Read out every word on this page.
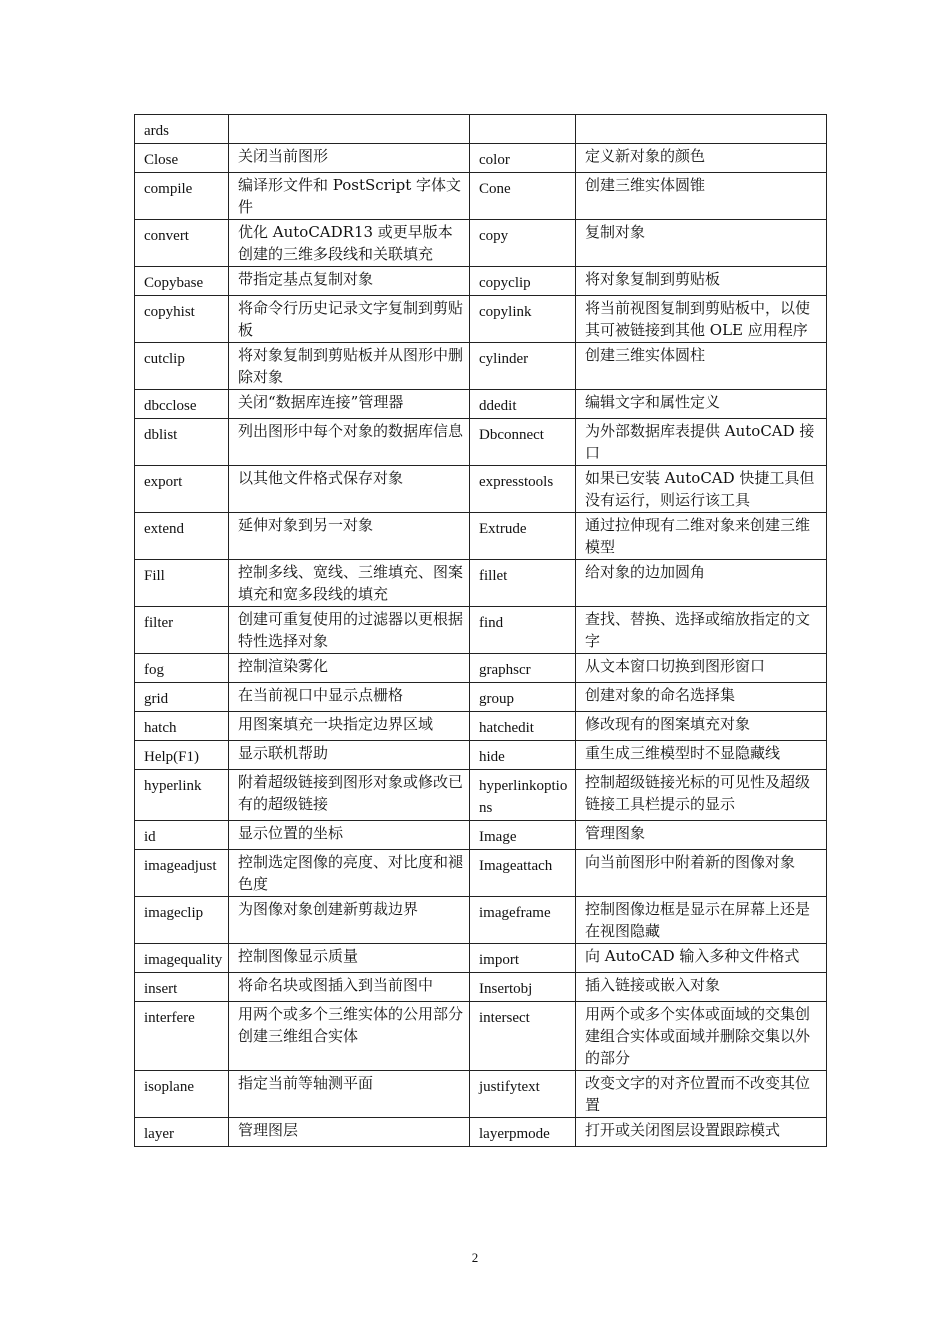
ards			
Close	关闭当前图形	color	定义新对象的颜色
compile	编译形文件和 PostScript 字体文件	Cone	创建三维实体圆锥
convert	优化 AutoCADR13 或更早版本创建的三维多段线和关联填充	copy	复制对象
Copybase	带指定基点复制对象	copyclip	将对象复制到剪贴板
copyhist	将命令行历史记录文字复制到剪贴板	copylink	将当前视图复制到剪贴板中，以使其可被链接到其他 OLE 应用程序
cutclip	将对象复制到剪贴板并从图形中删除对象	cylinder	创建三维实体圆柱
dbcclose	关闭“数据库连接”管理器	ddedit	编辑文字和属性定义
dblist	列出图形中每个对象的数据库信息	Dbconnect	为外部数据库表提供 AutoCAD 接口
export	以其他文件格式保存对象	expresstools	如果已安装 AutoCAD 快捷工具但没有运行，则运行该工具
extend	延伸对象到另一对象	Extrude	通过拉伸现有二维对象来创建三维模型
Fill	控制多线、宽线、三维填充、图案填充和宽多段线的填充	fillet	给对象的边加圆角
filter	创建可重复使用的过滤器以更根据特性选择对象	find	查找、替换、选择或缩放指定的文字
fog	控制渲染雾化	graphscr	从文本窗口切换到图形窗口
grid	在当前视口中显示点栅格	group	创建对象的命名选择集
hatch	用图案填充一块指定边界区域	hatchedit	修改现有的图案填充对象
Help(F1)	显示联机帮助	hide	重生成三维模型时不显隐藏线
hyperlink	附着超级链接到图形对象或修改已有的超级链接	hyperlinkoptions	控制超级链接光标的可见性及超级链接工具栏提示的显示
id	显示位置的坐标	Image	管理图象
imageadjust	控制选定图像的亮度、对比度和褪色度	Imageattach	向当前图形中附着新的图像对象
imageclip	为图像对象创建新剪裁边界	imageframe	控制图像边框是显示在屏幕上还是在视图隐藏
imagequality	控制图像显示质量	import	向 AutoCAD 输入多种文件格式
insert	将命名块或图插入到当前图中	Insertobj	插入链接或嵌入对象
interfere	用两个或多个三维实体的公用部分创建三维组合实体	intersect	用两个或多个实体或面域的交集创建组合实体或面域并删除交集以外的部分
isoplane	指定当前等轴测平面	justifytext	改变文字的对齐位置而不改变其位置
layer	管理图层	layerpmode	打开或关闭图层设置跟踪模式
2
